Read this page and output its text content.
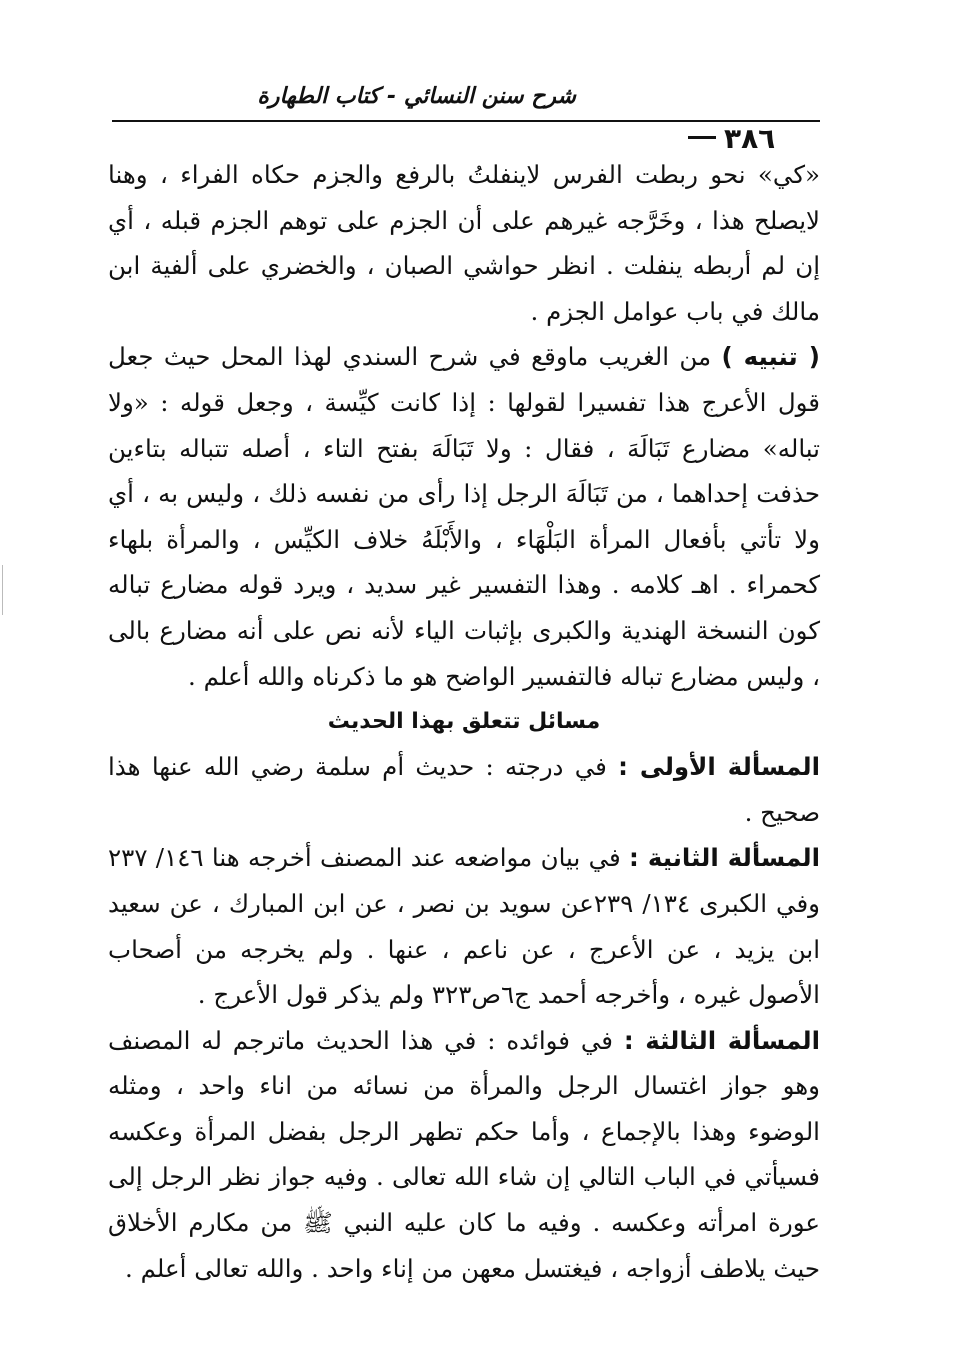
شرح سنن النسائي - كتاب الطهارة
٣٨٦

«كي» نحو ربطت الفرس لاينفلتُ بالرفع والجزم حكاه الفراء ، وهنا لايصلح هذا ، وخَرَّجه غيرهم على أن الجزم على توهم الجزم قبله ، أي إن لم أربطه ينفلت . انظر حواشي الصبان ، والخضري على ألفية ابن مالك في باب عوامل الجزم .

( تنبيه ) من الغريب ماوقع في شرح السندي لهذا المحل حيث جعل قول الأعرج هذا تفسيرا لقولها : إذا كانت كيِّسة ، وجعل قوله : «ولا تباله» مضارع تَبَالَهَ ، فقال : ولا تَبَالَهَ بفتح التاء ، أصله تتباله بتاءين حذفت إحداهما ، من تَبَالَهَ الرجل إذا رأى من نفسه ذلك ، وليس به ، أي ولا تأتي بأفعال المرأة البَلْهَاء ، والأَبْلَهُ خلاف الكيِّس ، والمرأة بلهاء كحمراء . اهـ كلامه . وهذا التفسير غير سديد ، ويرد قوله مضارع تباله كون النسخة الهندية والكبرى بإثبات الياء لأنه نص على أنه مضارع بالى ، وليس مضارع تباله فالتفسير الواضح هو ما ذكرناه والله أعلم .

مسائل تتعلق بهذا الحديث

المسألة الأولى : في درجته : حديث أم سلمة رضي الله عنها هذا صحيح .

المسألة الثانية : في بيان مواضعه عند المصنف أخرجه هنا ١٤٦/ ٢٣٧ وفي الكبرى ١٣٤/ ٢٣٩عن سويد بن نصر ، عن ابن المبارك ، عن سعيد ابن يزيد ، عن الأعرج ، عن ناعم ، عنها . ولم يخرجه من أصحاب الأصول غيره ، وأخرجه أحمد ج٦ص٣٢٣ ولم يذكر قول الأعرج .

المسألة الثالثة : في فوائده : في هذا الحديث ماترجم له المصنف وهو جواز اغتسال الرجل والمرأة من نسائه من اناء واحد ، ومثله الوضوء وهذا بالإجماع ، وأما حكم تطهر الرجل بفضل المرأة وعكسه فسيأتي في الباب التالي إن شاء الله تعالى . وفيه جواز نظر الرجل إلى عورة امرأته وعكسه . وفيه ما كان عليه النبي ﷺ من مكارم الأخلاق حيث يلاطف أزواجه ، فيغتسل معهن من إناء واحد . والله تعالى أعلم .
